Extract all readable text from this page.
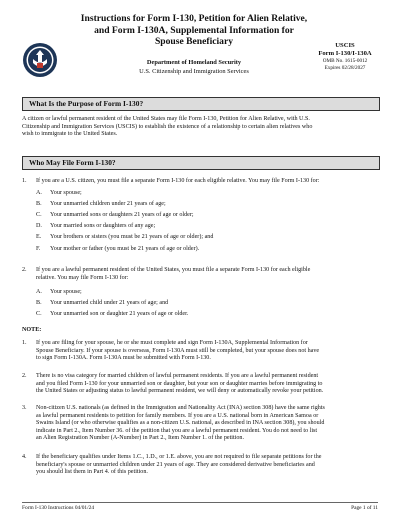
Instructions for Form I-130, Petition for Alien Relative,
and Form I-130A, Supplemental Information for
Spouse Beneficiary
Department of Homeland Security
U.S. Citizenship and Immigration Services
USCIS
Form I-130/I-130A
OMB No. 1615-0012
Expires 02/28/2027
What Is the Purpose of Form I-130?
A citizen or lawful permanent resident of the United States may file Form I-130, Petition for Alien Relative, with U.S.
Citizenship and Immigration Services (USCIS) to establish the existence of a relationship to certain alien relatives who
wish to immigrate to the United States.
Who May File Form I-130?
1. If you are a U.S. citizen, you must file a separate Form I-130 for each eligible relative. You may file Form I-130 for:
A. Your spouse;
B. Your unmarried children under 21 years of age;
C. Your unmarried sons or daughters 21 years of age or older;
D. Your married sons or daughters of any age;
E. Your brothers or sisters (you must be 21 years of age or older); and
F. Your mother or father (you must be 21 years of age or older).
2. If you are a lawful permanent resident of the United States, you must file a separate Form I-130 for each eligible
relative. You may file Form I-130 for:
A. Your spouse;
B. Your unmarried child under 21 years of age; and
C. Your unmarried son or daughter 21 years of age or older.
NOTE:
1. If you are filing for your spouse, he or she must complete and sign Form I-130A, Supplemental Information for
Spouse Beneficiary. If your spouse is overseas, Form I-130A must still be completed, but your spouse does not have
to sign Form I-130A. Form I-130A must be submitted with Form I-130.
2. There is no visa category for married children of lawful permanent residents. If you are a lawful permanent resident
and you filed Form I-130 for your unmarried son or daughter, but your son or daughter marries before immigrating to
the United States or adjusting status to lawful permanent resident, we will deny or automatically revoke your petition.
3. Non-citizen U.S. nationals (as defined in the Immigration and Nationality Act (INA) section 308) have the same rights
as lawful permanent residents to petition for family members. If you are a U.S. national born in American Samoa or
Swains Island (or who otherwise qualifies as a non-citizen U.S. national, as described in INA section 308), you should
indicate in Part 2., Item Number 36. of the petition that you are a lawful permanent resident. You do not need to list
an Alien Registration Number (A-Number) in Part 2., Item Number 1. of the petition.
4. If the beneficiary qualifies under Items 1.C., 1.D., or 1.E. above, you are not required to file separate petitions for the
beneficiary's spouse or unmarried children under 21 years of age. They are considered derivative beneficiaries and
you should list them in Part 4. of this petition.
Form I-130 Instructions 04/01/24	Page 1 of 11
